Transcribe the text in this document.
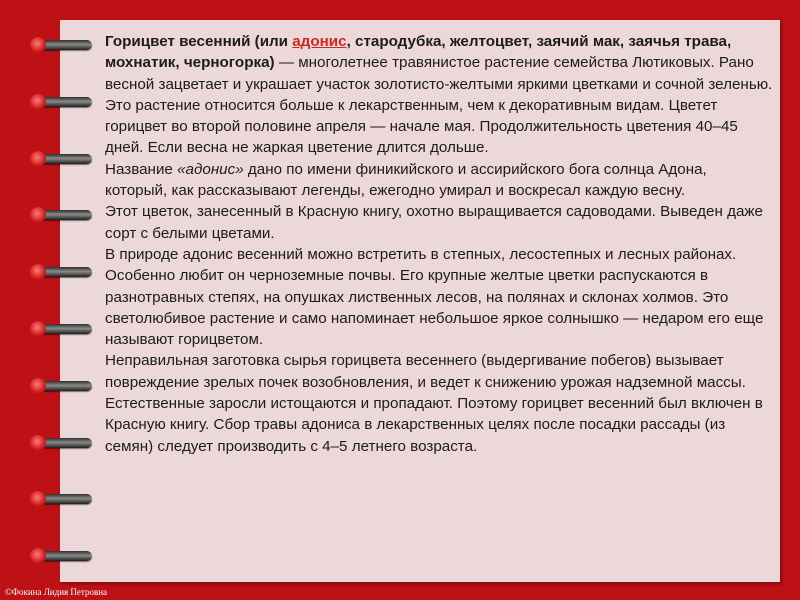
Горицвет весенний (или адонис, стародубка, желтоцвет, заячий мак, заячья трава, мохнатик, черногорка) — многолетнее травянистое растение семейства Лютиковых. Рано весной зацветает и украшает участок золотисто-желтыми яркими цветками и сочной зеленью. Это растение относится больше к лекарственным, чем к декоративным видам. Цветет горицвет во второй половине апреля — начале мая. Продолжительность цветения 40–45 дней. Если весна не жаркая цветение длится дольше.

Название «адонис» дано по имени финикийского и ассирийского бога солнца Адона, который, как рассказывают легенды, ежегодно умирал и воскресал каждую весну.

Этот цветок, занесенный в Красную книгу, охотно выращивается садоводами. Выведен даже сорт с белыми цветами.

В природе адонис весенний можно встретить в степных, лесостепных и лесных районах. Особенно любит он черноземные почвы. Его крупные желтые цветки распускаются в разнотравных степях, на опушках лиственных лесов, на полянах и склонах холмов. Это светолюбивое растение и само напоминает небольшое яркое солнышко — недаром его еще называют горицветом.

Неправильная заготовка сырья горицвета весеннего (выдергивание побегов) вызывает повреждение зрелых почек возобновления, и ведет к снижению урожая надземной массы. Естественные заросли истощаются и пропадают. Поэтому горицвет весенний был включен в Красную книгу. Сбор травы адониса в лекарственных целях после посадки рассады (из семян) следует производить с 4–5 летнего возраста.

©Фокина Лидия Петровна
